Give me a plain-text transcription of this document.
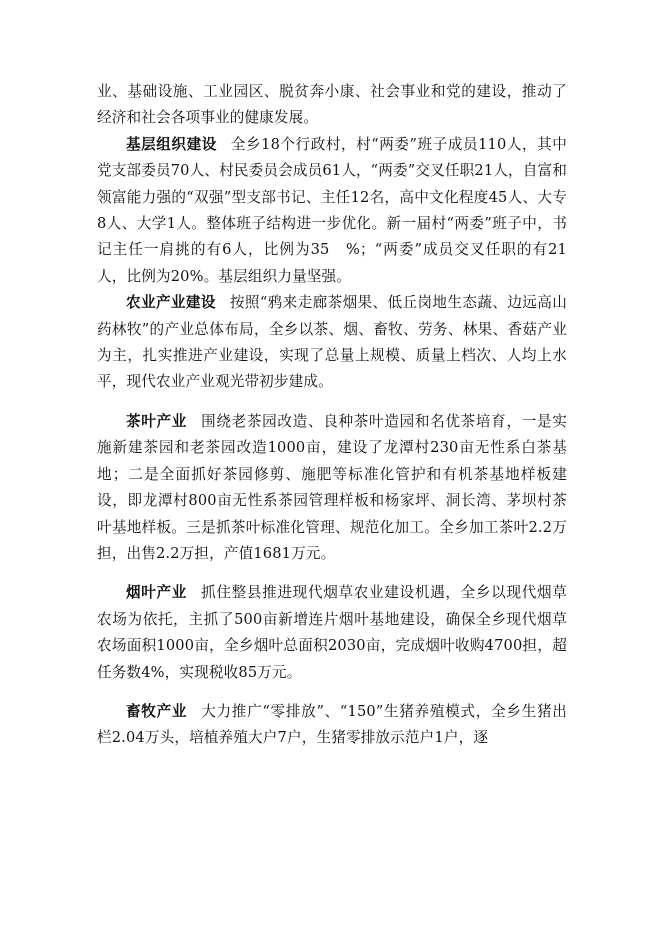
业、基础设施、工业园区、脱贫奔小康、社会事业和党的建设，推动了经济和社会各项事业的健康发展。

基层组织建设 全乡18个行政村，村“两委”班子成员110人，其中党支部委员70人、村民委员会成员61人，“两委”交叉任职21人，自富和领富能力强的“双强”型支部书记、主任12名，高中文化程度45人、大专8人、大学1人。整体班子结构进一步优化。新一届村“两委”班子中，书记主任一肩挑的有6人，比例为35　%；“两委”成员交叉任职的有21人，比例为20%。基层组织力量坚强。

农业产业建设 按照“鸦来走廊茶烟果、低丘岗地生态蔬、边远高山药林牧”的产业总体布局，全乡以茶、烟、畜牧、劳务、林果、香菇产业为主，扎实推进产业建设，实现了总量上规模、质量上档次、人均上水平，现代农业产业观光带初步建成。

茶叶产业 围绕老茶园改造、良种茶叶造园和名优茶培育，一是实施新建茶园和老茶园改造1000亩，建设了龙潭村230亩无性系白茶基地；二是全面抓好茶园修剪、施肥等标准化管护和有机茶基地样板建设，即龙潭村800亩无性系茶园管理样板和杨家坪、洞长湾、茅坝村茶叶基地样板。三是抓茶叶标准化管理、规范化加工。全乡加工茶叶2.2万担，出售2.2万担，产值1681万元。

烟叶产业 抓住整县推进现代烟草农业建设机遇，全乡以现代烟草农场为依托，主抓了500亩新增连片烟叶基地建设，确保全乡现代烟草农场面积1000亩，全乡烟叶总面积2030亩，完成烟叶收购4700担，超任务数4%，实现税收85万元。

畜牧产业 大力推广“零排放”、“150”生猪养殖模式，全乡生猪出栏2.04万头，培植养殖大户7户，生猪零排放示范户1户，逐
